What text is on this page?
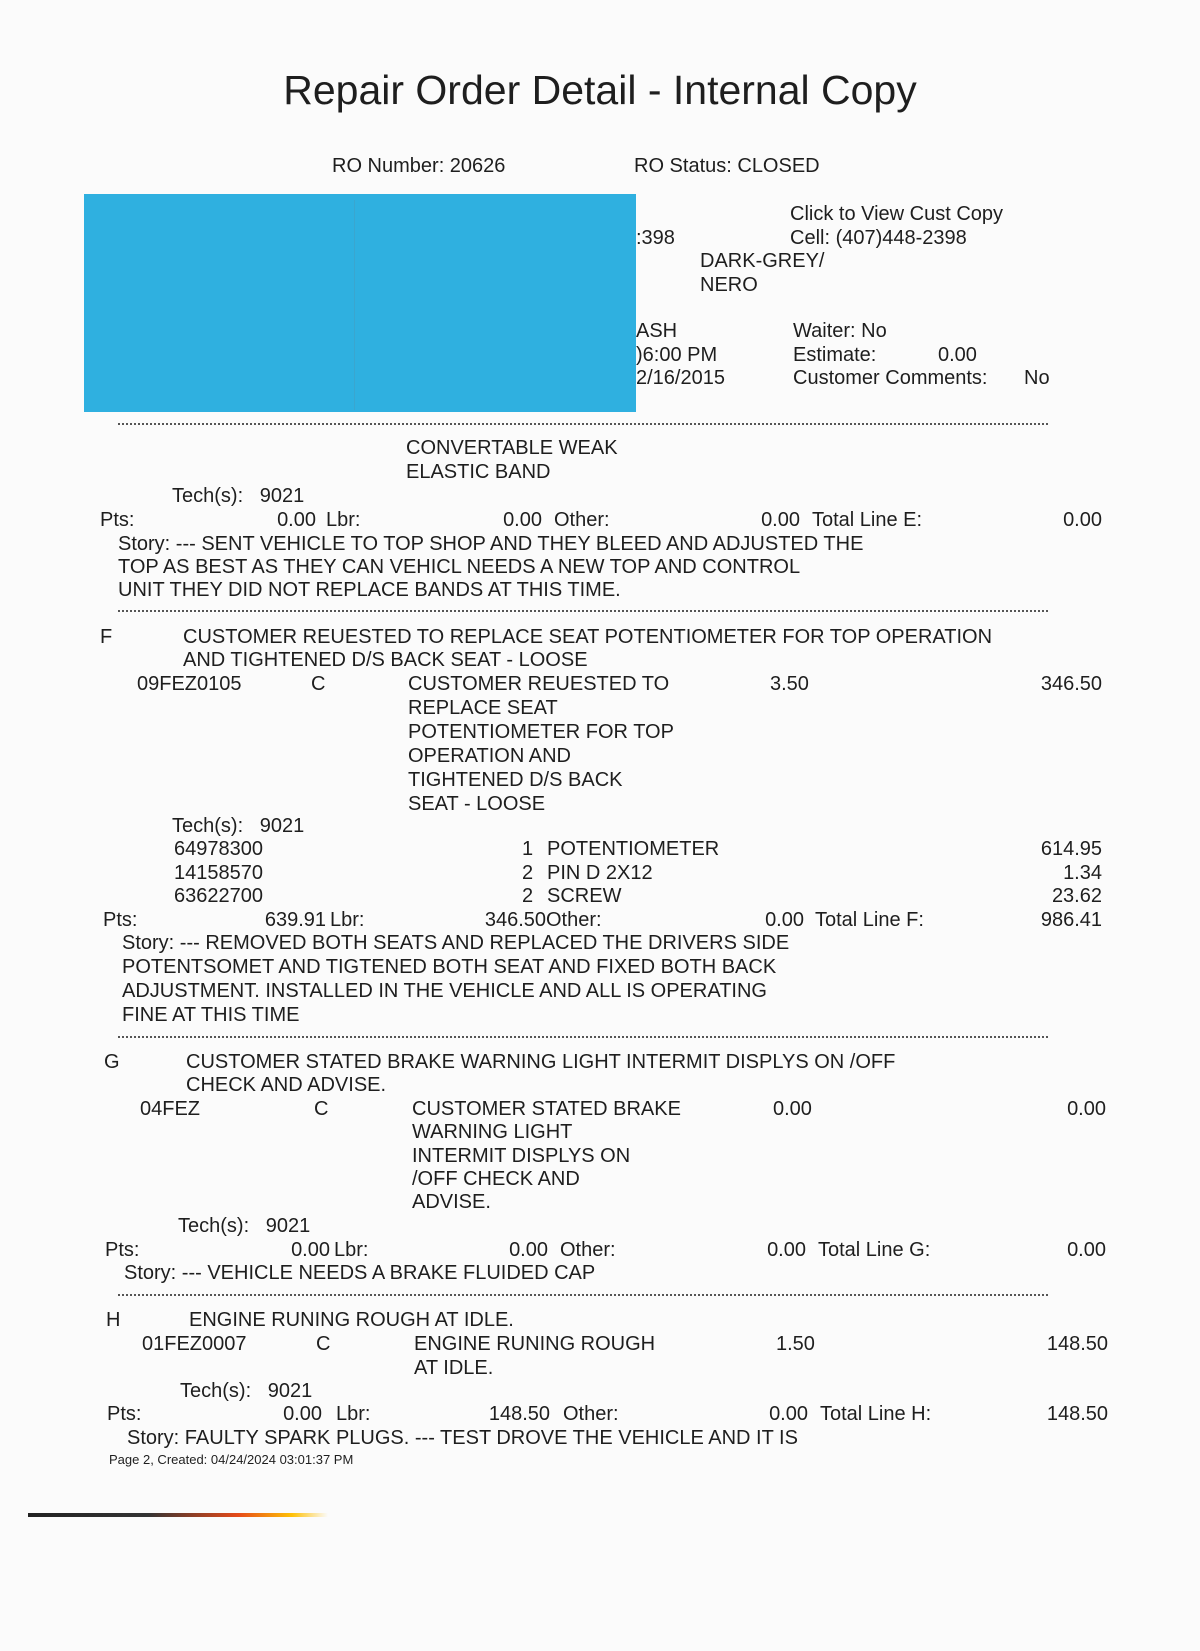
Repair Order Detail - Internal Copy
RO Number: 20626	RO Status: CLOSED
:398
Click to View Cust Copy
Cell: (407)448-2398
DARK-GREY/
NERO
ASH
)6:00 PM
2/16/2015
Waiter: No
Estimate:	0.00
Customer Comments: No
CONVERTABLE WEAK
ELASTIC BAND
Tech(s):   9021
Pts:	0.00 Lbr:	0.00 Other:	0.00 Total Line E:	0.00
Story: --- SENT VEHICLE TO TOP SHOP AND THEY BLEED AND ADJUSTED THE
TOP AS BEST AS THEY CAN VEHICL NEEDS A NEW TOP AND CONTROL
UNIT THEY DID NOT REPLACE BANDS AT THIS TIME.
F	CUSTOMER REUESTED TO REPLACE SEAT POTENTIOMETER FOR TOP OPERATION
AND TIGHTENED D/S BACK SEAT - LOOSE
09FEZ0105	C	CUSTOMER REUESTED TO
REPLACE SEAT
POTENTIOMETER FOR TOP
OPERATION AND
TIGHTENED D/S BACK
SEAT - LOOSE
3.50	346.50
Tech(s):   9021
64978300	1 POTENTIOMETER	614.95
14158570	2 PIN D 2X12	1.34
63622700	2 SCREW	23.62
Pts:	639.91 Lbr:	346.50 Other:	0.00 Total Line F:	986.41
Story: --- REMOVED BOTH SEATS AND REPLACED THE DRIVERS SIDE
POTENTSOMET AND TIGTENED BOTH SEAT AND FIXED BOTH BACK
ADJUSTMENT. INSTALLED IN THE VEHICLE AND ALL IS OPERATING
FINE AT THIS TIME
G	CUSTOMER STATED BRAKE WARNING LIGHT INTERMIT DISPLYS ON /OFF
CHECK AND ADVISE.
04FEZ	C	CUSTOMER STATED BRAKE
WARNING LIGHT
INTERMIT DISPLYS ON
/OFF CHECK AND
ADVISE.
0.00	0.00
Tech(s):   9021
Pts:	0.00 Lbr:	0.00 Other:	0.00 Total Line G:	0.00
Story: --- VEHICLE NEEDS A BRAKE FLUIDED CAP
H	ENGINE RUNING ROUGH AT IDLE.
01FEZ0007	C	ENGINE RUNING ROUGH
AT IDLE.
1.50	148.50
Tech(s):   9021
Pts:	0.00 Lbr:	148.50 Other:	0.00 Total Line H:	148.50
Story: FAULTY SPARK PLUGS. --- TEST DROVE THE VEHICLE AND IT IS
Page 2, Created: 04/24/2024 03:01:37 PM
